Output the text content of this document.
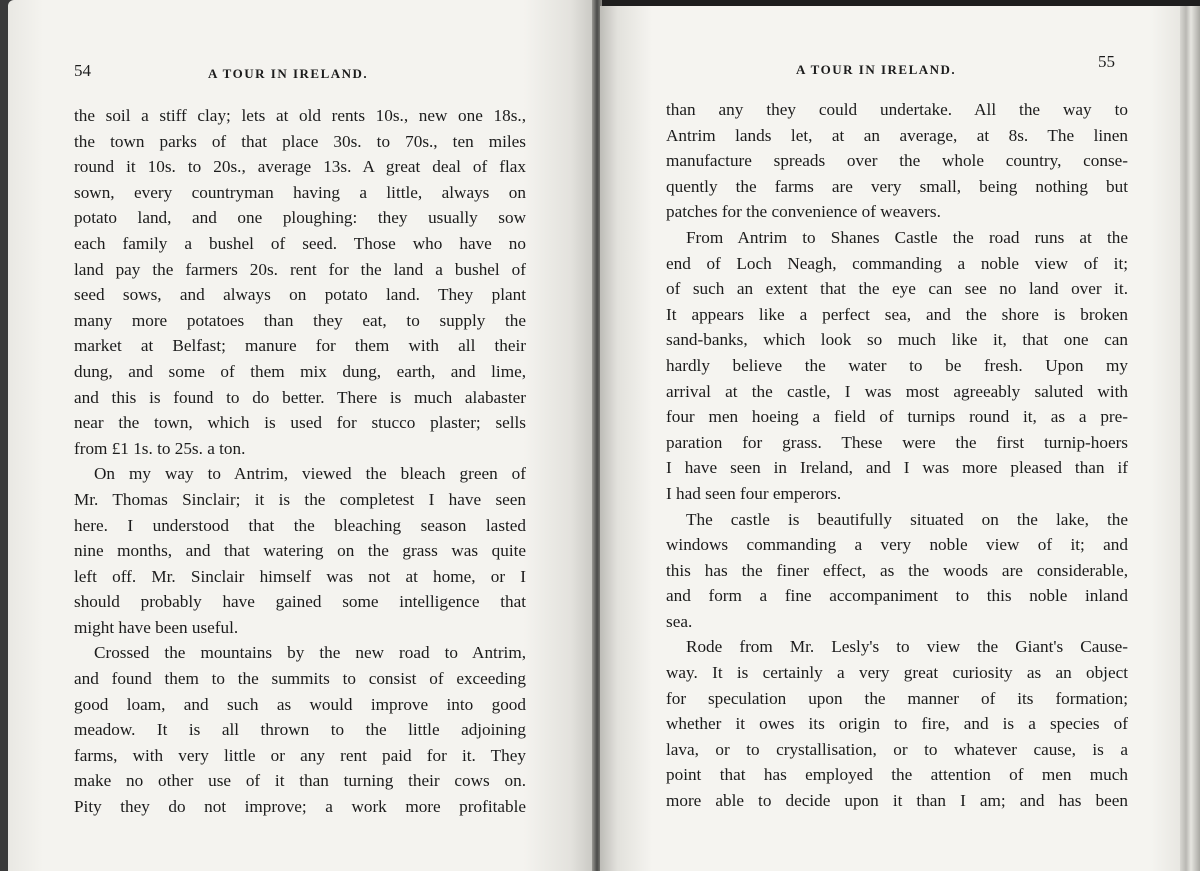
54	A TOUR IN IRELAND.
the soil a stiff clay; lets at old rents 10s., new one 18s.,
the town parks of that place 30s. to 70s., ten miles
round it 10s. to 20s., average 13s. A great deal of flax
sown, every countryman having a little, always on
potato land, and one ploughing: they usually sow
each family a bushel of seed. Those who have no
land pay the farmers 20s. rent for the land a bushel of
seed sows, and always on potato land. They plant
many more potatoes than they eat, to supply the
market at Belfast; manure for them with all their
dung, and some of them mix dung, earth, and lime,
and this is found to do better. There is much alabaster
near the town, which is used for stucco plaster; sells
from £1 1s. to 25s. a ton.
On my way to Antrim, viewed the bleach green of
Mr. Thomas Sinclair; it is the completest I have seen
here. I understood that the bleaching season lasted
nine months, and that watering on the grass was quite
left off. Mr. Sinclair himself was not at home, or I
should probably have gained some intelligence that
might have been useful.
Crossed the mountains by the new road to Antrim,
and found them to the summits to consist of exceeding
good loam, and such as would improve into good
meadow. It is all thrown to the little adjoining
farms, with very little or any rent paid for it. They
make no other use of it than turning their cows on.
Pity they do not improve; a work more profitable
A TOUR IN IRELAND.	55
than any they could undertake. All the way to
Antrim lands let, at an average, at 8s. The linen
manufacture spreads over the whole country, conse-
quently the farms are very small, being nothing but
patches for the convenience of weavers.
From Antrim to Shanes Castle the road runs at the
end of Loch Neagh, commanding a noble view of it;
of such an extent that the eye can see no land over it.
It appears like a perfect sea, and the shore is broken
sand-banks, which look so much like it, that one can
hardly believe the water to be fresh. Upon my
arrival at the castle, I was most agreeably saluted with
four men hoeing a field of turnips round it, as a pre-
paration for grass. These were the first turnip-hoers
I have seen in Ireland, and I was more pleased than if
I had seen four emperors.
The castle is beautifully situated on the lake, the
windows commanding a very noble view of it; and
this has the finer effect, as the woods are considerable,
and form a fine accompaniment to this noble inland
sea.
Rode from Mr. Lesly's to view the Giant's Cause-
way. It is certainly a very great curiosity as an object
for speculation upon the manner of its formation;
whether it owes its origin to fire, and is a species of
lava, or to crystallisation, or to whatever cause, is a
point that has employed the attention of men much
more able to decide upon it than I am; and has been
